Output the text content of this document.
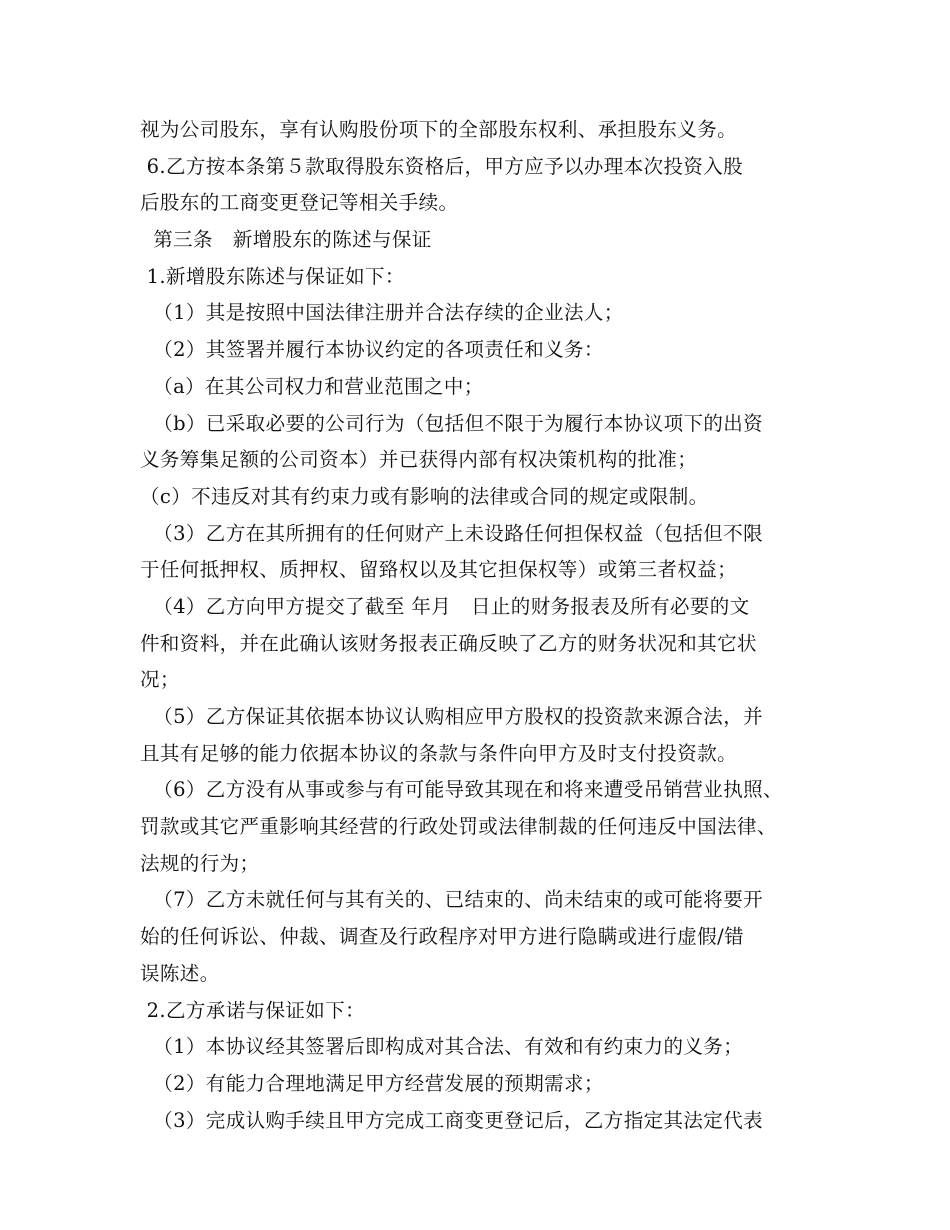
视为公司股东，享有认购股份项下的全部股东权利、承担股东义务。
6.乙方按本条第５款取得股东资格后，甲方应予以办理本次投资入股
后股东的工商变更登记等相关手续。
第三条   新增股东的陈述与保证
1.新增股东陈述与保证如下：
（1）其是按照中国法律注册并合法存续的企业法人；
（2）其签署并履行本协议约定的各项责任和义务：
（a）在其公司权力和营业范围之中；
（b）已采取必要的公司行为（包括但不限于为履行本协议项下的出资
义务筹集足额的公司资本）并已获得内部有权决策机构的批准；
（c）不违反对其有约束力或有影响的法律或合同的规定或限制。
（3）乙方在其所拥有的任何财产上未设路任何担保权益（包括但不限
于任何抵押权、质押权、留臵权以及其它担保权等）或第三者权益；
（4）乙方向甲方提交了截至 年月   日止的财务报表及所有必要的文
件和资料，并在此确认该财务报表正确反映了乙方的财务状况和其它状
况；
（5）乙方保证其依据本协议认购相应甲方股权的投资款来源合法，并
且其有足够的能力依据本协议的条款与条件向甲方及时支付投资款。
（6）乙方没有从事或参与有可能导致其现在和将来遭受吊销营业执照、
罚款或其它严重影响其经营的行政处罚或法律制裁的任何违反中国法律、
法规的行为；
（7）乙方未就任何与其有关的、已结束的、尚未结束的或可能将要开
始的任何诉讼、仲裁、调查及行政程序对甲方进行隐瞒或进行虚假/错
误陈述。
2.乙方承诺与保证如下：
（1）本协议经其签署后即构成对其合法、有效和有约束力的义务；
（2）有能力合理地满足甲方经营发展的预期需求；
（3）完成认购手续且甲方完成工商变更登记后，乙方指定其法定代表
